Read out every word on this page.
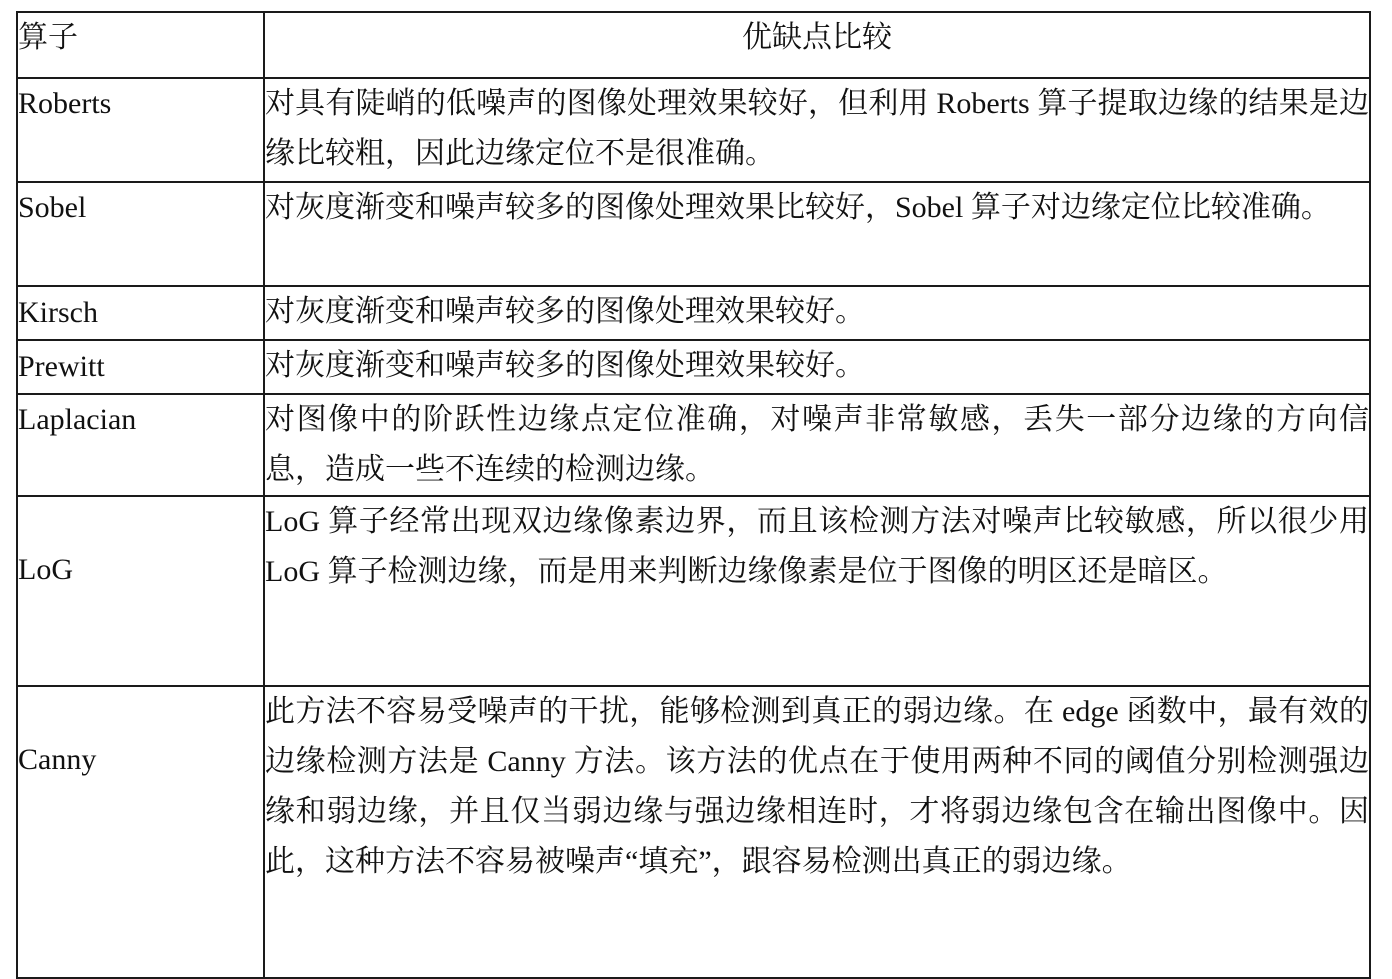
算子	优缺点比较
Roberts	对具有陡峭的低噪声的图像处理效果较好，但利用 Roberts 算子提取边缘的结果是边缘比较粗，因此边缘定位不是很准确。
Sobel	对灰度渐变和噪声较多的图像处理效果比较好，Sobel 算子对边缘定位比较准确。
Kirsch	对灰度渐变和噪声较多的图像处理效果较好。
Prewitt	对灰度渐变和噪声较多的图像处理效果较好。
Laplacian	对图像中的阶跃性边缘点定位准确，对噪声非常敏感，丢失一部分边缘的方向信息，造成一些不连续的检测边缘。
LoG	LoG 算子经常出现双边缘像素边界，而且该检测方法对噪声比较敏感，所以很少用 LoG 算子检测边缘，而是用来判断边缘像素是位于图像的明区还是暗区。
Canny	此方法不容易受噪声的干扰，能够检测到真正的弱边缘。在 edge 函数中，最有效的边缘检测方法是 Canny 方法。该方法的优点在于使用两种不同的阈值分别检测强边缘和弱边缘，并且仅当弱边缘与强边缘相连时，才将弱边缘包含在输出图像中。因此，这种方法不容易被噪声“填充”，跟容易检测出真正的弱边缘。
